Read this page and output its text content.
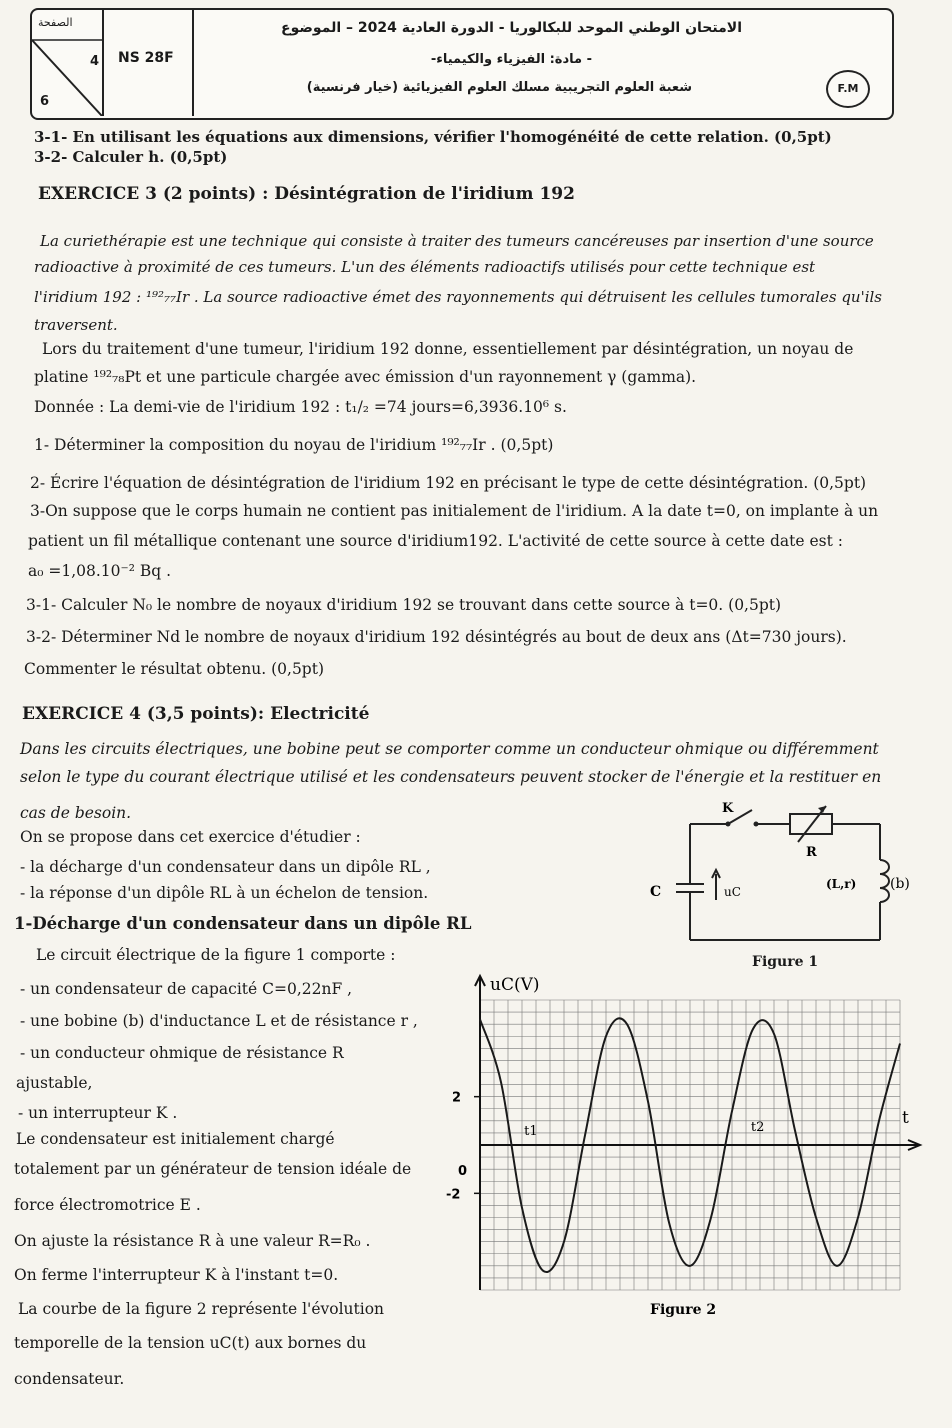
الصفحة
4
6
NS 28F
الامتحان الوطني الموحد للبكالوريا - الدورة العادية 2024 – الموضوع
- مادة: الفيزياء والكيمياء-
شعبة العلوم التجريبية مسلك العلوم الفيزيائية (خيار فرنسية)	F.M
3-1- En utilisant les équations aux dimensions, vérifier l'homogénéité de cette relation. (0,5pt)
3-2- Calculer h. (0,5pt)
EXERCICE 3 (2 points) : Désintégration de l'iridium 192
La curiethérapie est une technique qui consiste à traiter des tumeurs cancéreuses par insertion d'une source
radioactive à proximité de ces tumeurs. L'un des éléments radioactifs utilisés pour cette technique est
l'iridium 192 : ¹⁹²₇₇Ir . La source radioactive émet des rayonnements qui détruisent les cellules tumorales qu'ils
traversent.
Lors du traitement d'une tumeur, l'iridium 192 donne, essentiellement par désintégration, un noyau de
platine ¹⁹²₇₈Pt et une particule chargée avec émission d'un rayonnement γ (gamma).
Donnée : La demi-vie de l'iridium 192 : t₁/₂ =74 jours=6,3936.10⁶ s.
1- Déterminer la composition du noyau de l'iridium ¹⁹²₇₇Ir . (0,5pt)
2- Écrire l'équation de désintégration de l'iridium 192 en précisant le type de cette désintégration. (0,5pt)
3-On suppose que le corps humain ne contient pas initialement de l'iridium. A la date t=0, on implante à un
patient un fil métallique contenant une source d'iridium192. L'activité de cette source à cette date est :
a₀ =1,08.10⁻² Bq .
3-1- Calculer N₀ le nombre de noyaux d'iridium 192 se trouvant dans cette source à t=0. (0,5pt)
3-2- Déterminer Nd le nombre de noyaux d'iridium 192 désintégrés au bout de deux ans (Δt=730 jours).
Commenter le résultat obtenu. (0,5pt)
EXERCICE 4 (3,5 points): Electricité
Dans les circuits électriques, une bobine peut se comporter comme un conducteur ohmique ou différemment
selon le type du courant électrique utilisé et les condensateurs peuvent stocker de l'énergie et la restituer en
cas de besoin.
On se propose dans cet exercice d'étudier :
- la décharge d'un condensateur dans un dipôle RL ,
- la réponse d'un dipôle RL à un échelon de tension.
1-Décharge d'un condensateur dans un dipôle RL
Le circuit électrique de la figure 1 comporte :
- un condensateur de capacité C=0,22nF ,
- une bobine (b) d'inductance L et de résistance r ,
- un conducteur ohmique de résistance R
ajustable,
- un interrupteur K .
Le condensateur est initialement chargé
totalement par un générateur de tension idéale de
force électromotrice E .
On ajuste la résistance R à une valeur R=R₀ .
On ferme l'interrupteur K à l'instant t=0.
La courbe de la figure 2 représente l'évolution
temporelle de la tension uC(t) aux bornes du
condensateur.
K
R
C	uC
(L,r) (b)
Figure 1
uC(V)
t
2
0
-2
t1	t2
Figure 2
